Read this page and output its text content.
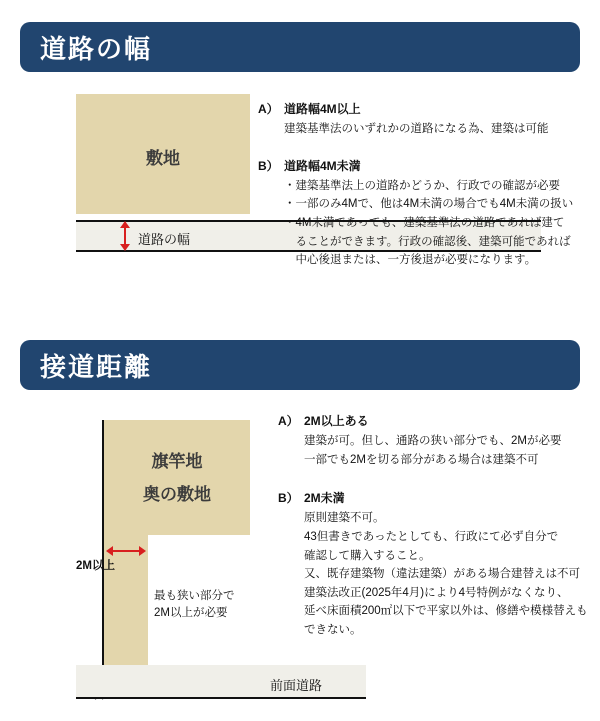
道路の幅
敷地
道路の幅
A） 道路幅4M以上
建築基準法のいずれかの道路になる為、建築は可能
B） 道路幅4M未満
・建築基準法上の道路かどうか、行政での確認が必要
・一部のみ4Mで、他は4M未満の場合でも4M未満の扱い
・4M未満であっても、建築基準法の道路であれば建て
　ることができます。行政の確認後、建築可能であれば
　中心後退または、一方後退が必要になります。
接道距離
旗竿地
奥の敷地
2M以上
最も狭い部分で
2M以上が必要
前面道路
A） 2M以上ある
建築が可。但し、通路の狭い部分でも、2Mが必要
一部でも2Mを切る部分がある場合は建築不可
B） 2M未満
原則建築不可。
43但書きであったとしても、行政にて必ず自分で
確認して購入すること。
又、既存建築物（違法建築）がある場合建替えは不可
建築法改正(2025年4月)により4号特例がなくなり、
延べ床面積200㎡以下で平家以外は、修繕や模様替えも
できない。
